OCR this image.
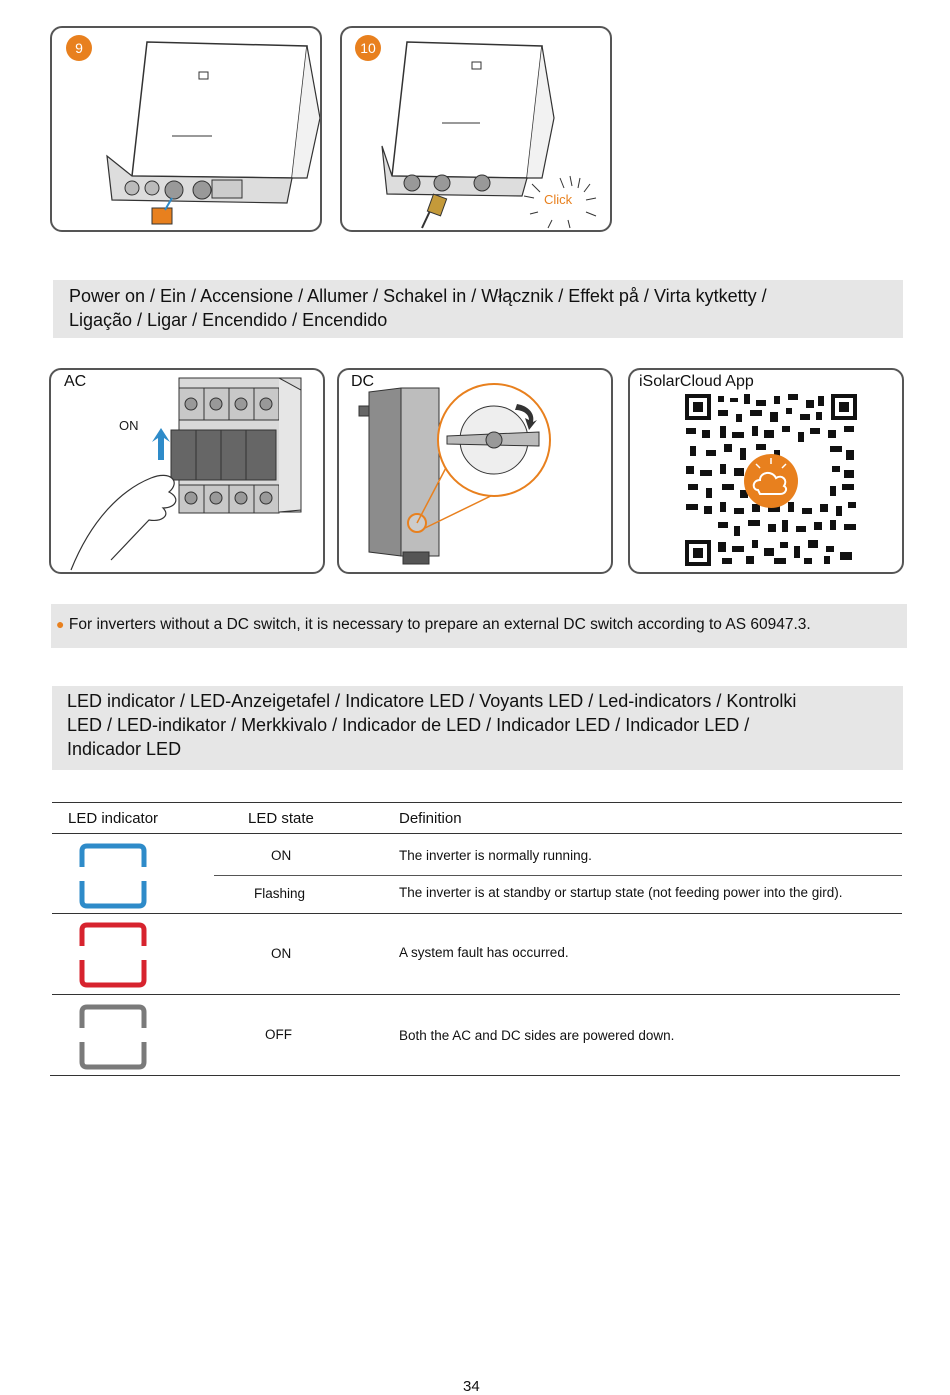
9	10
Click
Power on / Ein / Accensione / Allumer / Schakel in / Włącznik / Effekt på / Virta kytketty /
Ligação / Ligar / Encendido / Encendido
AC
ON
DC	iSolarCloud App
● For inverters without a DC switch, it is necessary to prepare an external DC switch according to AS 60947.3.
LED indicator / LED-Anzeigetafel / Indicatore LED / Voyants LED / Led-indicators / Kontrolki
LED / LED-indikator / Merkkivalo / Indicador de LED / Indicador LED / Indicador LED /
Indicador LED
LED indicator	LED state	Definition
ON	The inverter is normally running.
Flashing	The inverter is at standby or startup state (not feeding power into the gird).
ON	A system fault has occurred.
OFF	Both the AC and DC sides are powered down.
34
